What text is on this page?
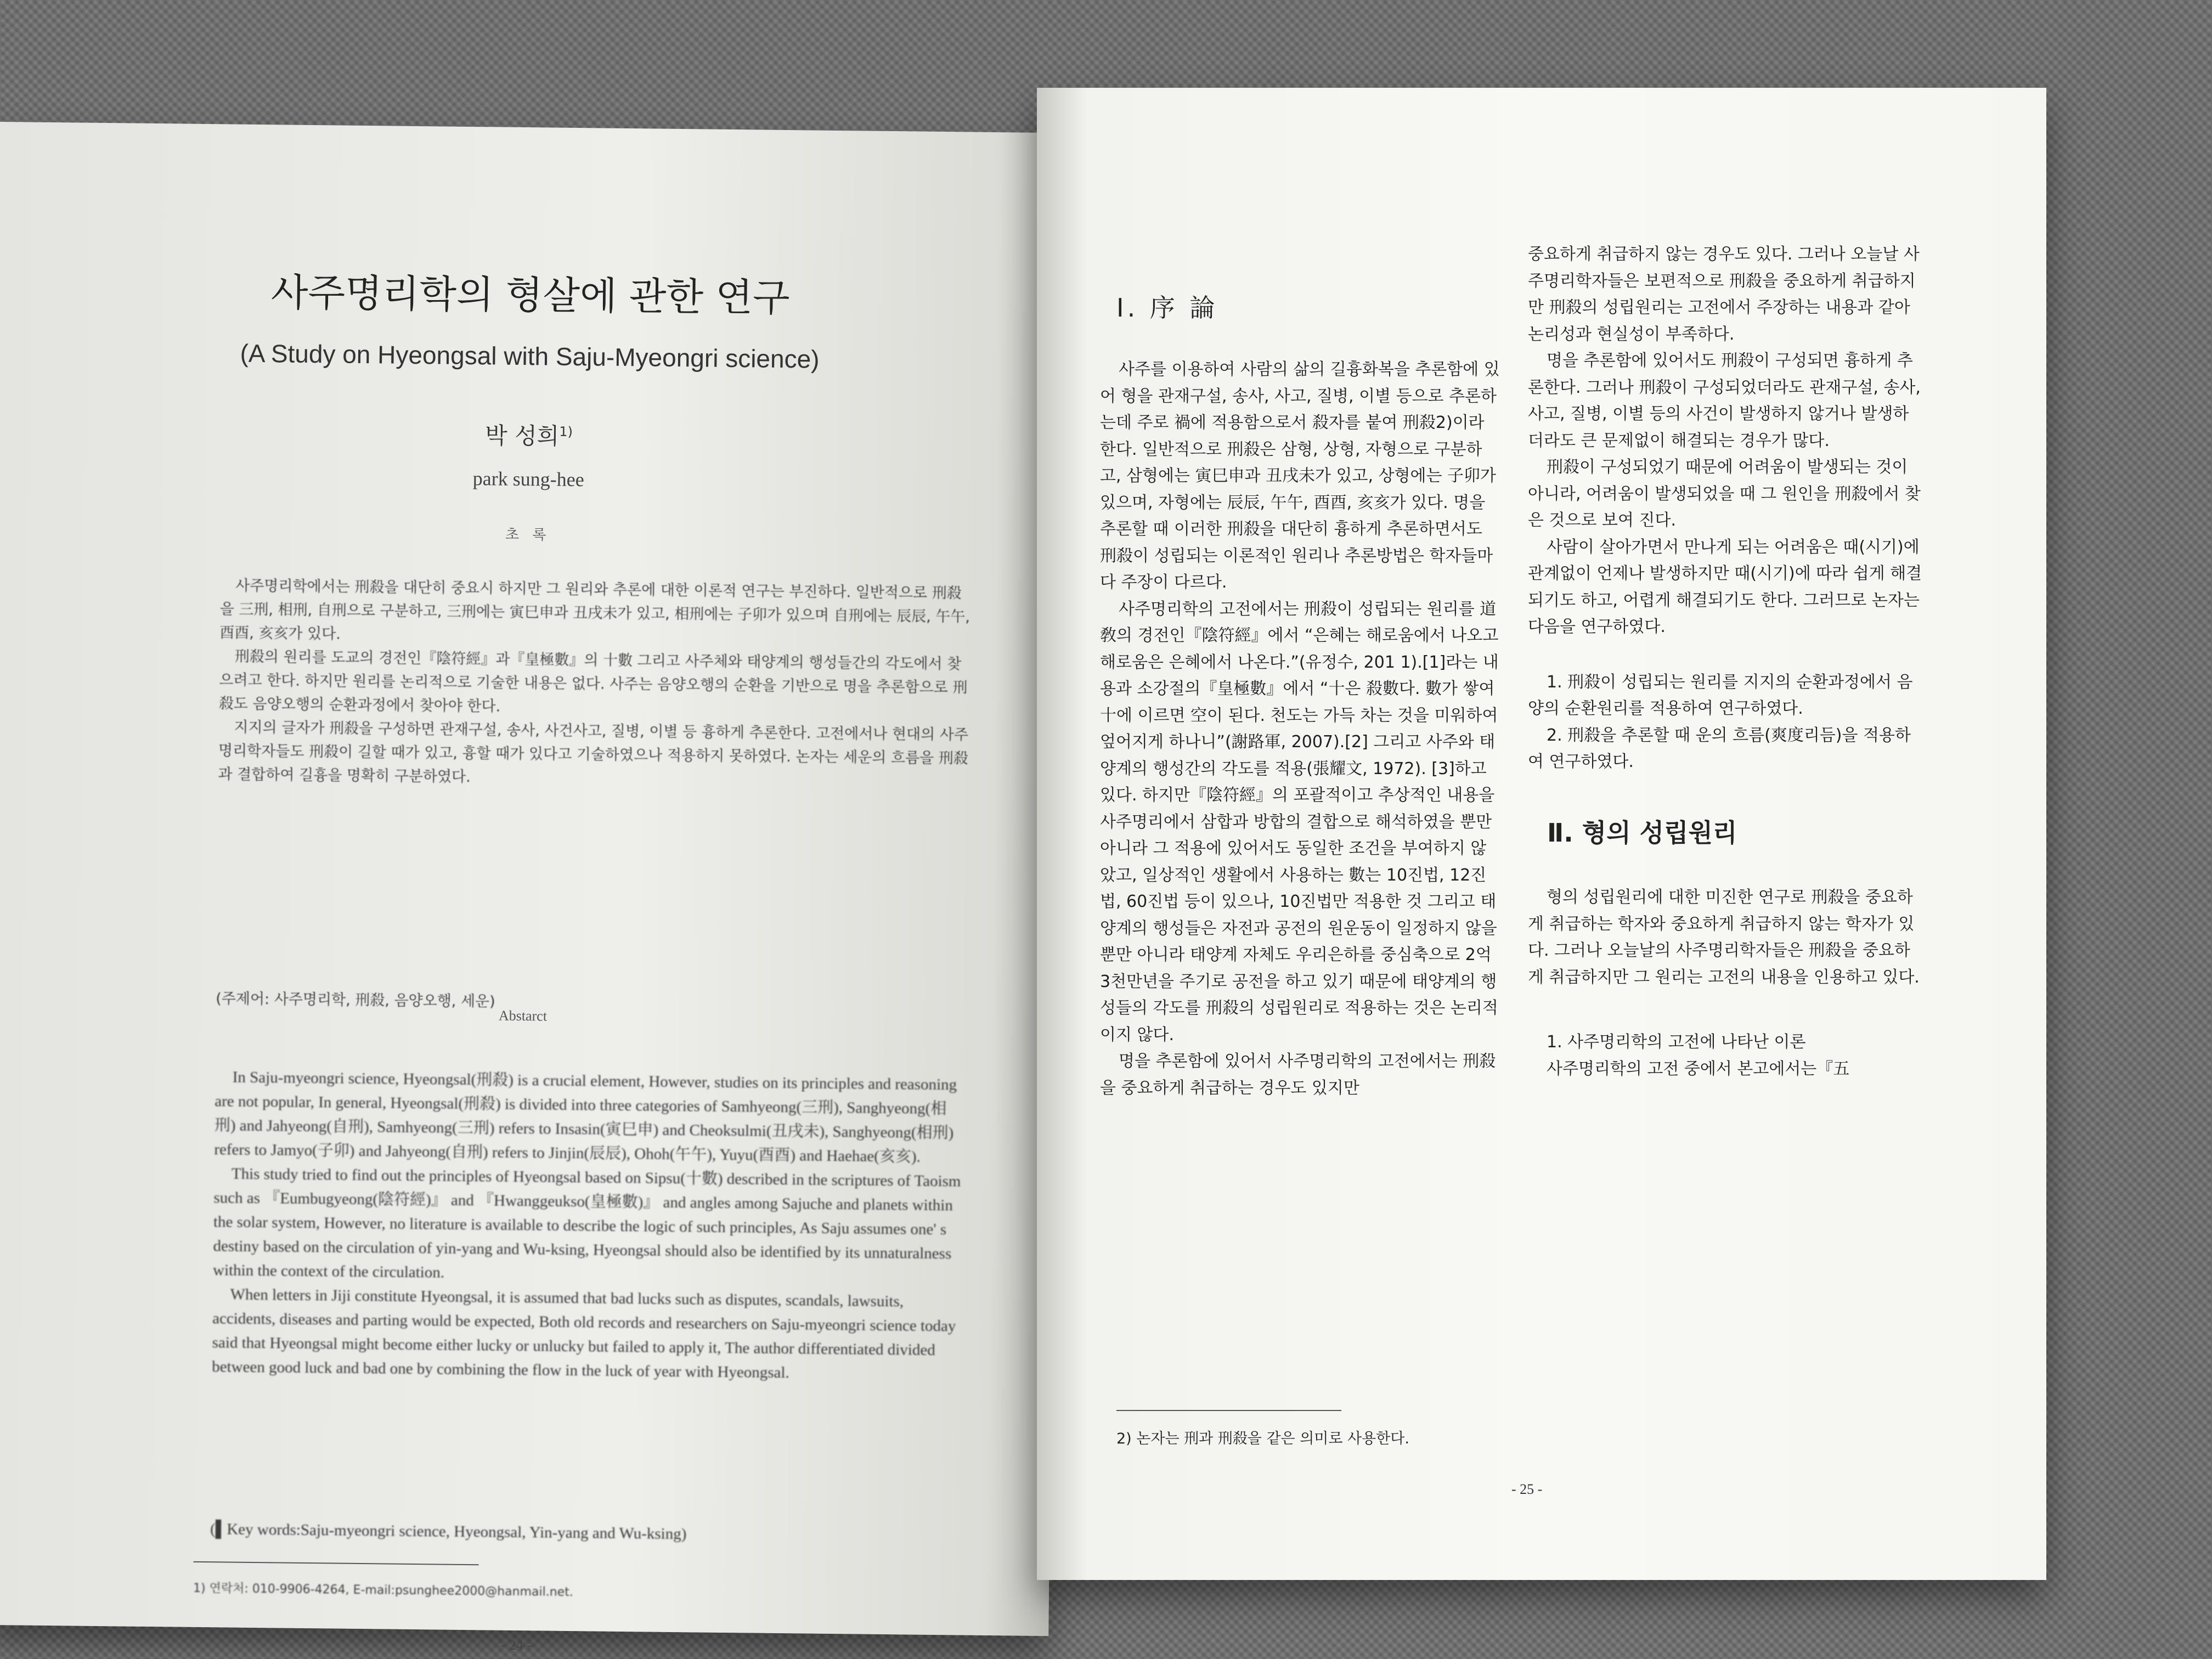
사주명리학의 형살에 관한 연구
(A Study on Hyeongsal with Saju-Myeongri science)
박 성희$^{1)}$
park sung-hee
초 록

사주명리학에서는 刑殺을 대단히 중요시 하지만 그 원리와 추론에 대한 이론적 연구는 부진하다. 일반적으로 刑殺을 三刑, 相刑, 自刑으로 구분하고, 三刑에는 寅巳申과 丑戌未가 있고, 相刑에는 子卯가 있으며 自刑에는 辰辰, 午午, 酉酉, 亥亥가 있다.

刑殺의 원리를 도교의 경전인『陰符經』과『皇極數』의 十數 그리고 사주체와 태양계의 행성들간의 각도에서 찾으려고 한다. 하지만 원리를 논리적으로 기술한 내용은 없다. 사주는 음양오행의 순환을 기반으로 명을 추론함으로 刑殺도 음양오행의 순환과정에서 찾아야 한다.

지지의 글자가 刑殺을 구성하면 관재구설, 송사, 사건사고, 질병, 이별 등 흉하게 추론한다. 고전에서나 현대의 사주명리학자들도 刑殺이 길할 때가 있고, 흉할 때가 있다고 기술하였으나 적용하지 못하였다. 논자는 세운의 흐름을 刑殺과 결합하여 길흉을 명확히 구분하였다.

(주제어: 사주명리학, 刑殺, 음양오행, 세운)
Abstarct

In Saju-myeongri science, Hyeongsal(刑殺) is a crucial element, However, studies on its principles and reasoning are not popular, In general, Hyeongsal(刑殺) is divided into three categories of Samhyeong(三刑), Sanghyeong(相刑) and Jahyeong(自刑), Samhyeong(三刑) refers to Insasin(寅巳申) and Cheoksulmi(丑戌未), Sanghyeong(相刑) refers to Jamyo(子卯) and Jahyeong(自刑) refers to Jinjin(辰辰), Ohoh(午午), Yuyu(酉酉) and Haehae(亥亥).

This study tried to find out the principles of Hyeongsal based on Sipsu(十數) described in the scriptures of Taoism such as 『Eumbugyeong(陰符經)』 and 『Hwanggeukso(皇極數)』 and angles among Sajuche and planets within the solar system, However, no literature is available to describe the logic of such principles, As Saju assumes one' s destiny based on the circulation of yin-yang and Wu-ksing, Hyeongsal should also be identified by its unnaturalness within the context of the circulation.

When letters in Jiji constitute Hyeongsal, it is assumed that bad lucks such as disputes, scandals, lawsuits, accidents, diseases and parting would be expected, Both old records and researchers on Saju-myeongri science today said that Hyeongsal might become either lucky or unlucky but failed to apply it, The author differentiated divided between good luck and bad one by combining the flow in the luck of year with Hyeongsal.

(▌Key words:Saju-myeongri science, Hyeongsal, Yin-yang and Wu-ksing)
1) 연락처: 010-9906-4264, E-mail:psunghee2000@hanmail.net.
- 24 -
Ⅰ. 序 論

사주를 이용하여 사람의 삶의 길흉화복을 추론함에 있어 형을 관재구설, 송사, 사고, 질병, 이별 등으로 추론하는데 주로 禍에 적용함으로서 殺자를 붙여 刑殺2)이라 한다. 일반적으로 刑殺은 삼형, 상형, 자형으로 구분하고, 삼형에는 寅巳申과 丑戌未가 있고, 상형에는 子卯가 있으며, 자형에는 辰辰, 午午, 酉酉, 亥亥가 있다. 명을 추론할 때 이러한 刑殺을 대단히 흉하게 추론하면서도 刑殺이 성립되는 이론적인 원리나 추론방법은 학자들마다 주장이 다르다.

사주명리학의 고전에서는 刑殺이 성립되는 원리를 道敎의 경전인『陰符經』에서 “은혜는 해로움에서 나오고 해로움은 은혜에서 나온다.”(유정수, 201 1).[1]라는 내용과 소강절의『皇極數』에서 “十은 殺數다. 數가 쌓여 十에 이르면 空이 된다. 천도는 가득 차는 것을 미워하여 엎어지게 하나니”(謝路軍, 2007).[2] 그리고 사주와 태양계의 행성간의 각도를 적용(張耀文, 1972). [3]하고 있다. 하지만『陰符經』의 포괄적이고 추상적인 내용을 사주명리에서 삼합과 방합의 결합으로 해석하였을 뿐만 아니라 그 적용에 있어서도 동일한 조건을 부여하지 않았고, 일상적인 생활에서 사용하는 數는 10진법, 12진법, 60진법 등이 있으나, 10진법만 적용한 것 그리고 태양계의 행성들은 자전과 공전의 원운동이 일정하지 않을 뿐만 아니라 태양계 자체도 우리은하를 중심축으로 2억 3천만년을 주기로 공전을 하고 있기 때문에 태양계의 행성들의 각도를 刑殺의 성립원리로 적용하는 것은 논리적이지 않다.

명을 추론함에 있어서 사주명리학의 고전에서는 刑殺을 중요하게 취급하는 경우도 있지만

중요하게 취급하지 않는 경우도 있다. 그러나 오늘날 사주명리학자들은 보편적으로 刑殺을 중요하게 취급하지만 刑殺의 성립원리는 고전에서 주장하는 내용과 같아 논리성과 현실성이 부족하다.

명을 추론함에 있어서도 刑殺이 구성되면 흉하게 추론한다. 그러나 刑殺이 구성되었더라도 관재구설, 송사, 사고, 질병, 이별 등의 사건이 발생하지 않거나 발생하더라도 큰 문제없이 해결되는 경우가 많다.

刑殺이 구성되었기 때문에 어려움이 발생되는 것이 아니라, 어려움이 발생되었을 때 그 원인을 刑殺에서 찾은 것으로 보여 진다.

사람이 살아가면서 만나게 되는 어려움은 때(시기)에 관계없이 언제나 발생하지만 때(시기)에 따라 쉽게 해결되기도 하고, 어렵게 해결되기도 한다. 그러므로 논자는 다음을 연구하였다.

1. 刑殺이 성립되는 원리를 지지의 순환과정에서 음양의 순환원리를 적용하여 연구하였다.

2. 刑殺을 추론할 때 운의 흐름(爽度리듬)을 적용하여 연구하였다.

Ⅱ. 형의 성립원리

형의 성립원리에 대한 미진한 연구로 刑殺을 중요하게 취급하는 학자와 중요하게 취급하지 않는 학자가 있다. 그러나 오늘날의 사주명리학자들은 刑殺을 중요하게 취급하지만 그 원리는 고전의 내용을 인용하고 있다.

1. 사주명리학의 고전에 나타난 이론

사주명리학의 고전 중에서 본고에서는『五

2) 논자는 刑과 刑殺을 같은 의미로 사용한다.
- 25 -
